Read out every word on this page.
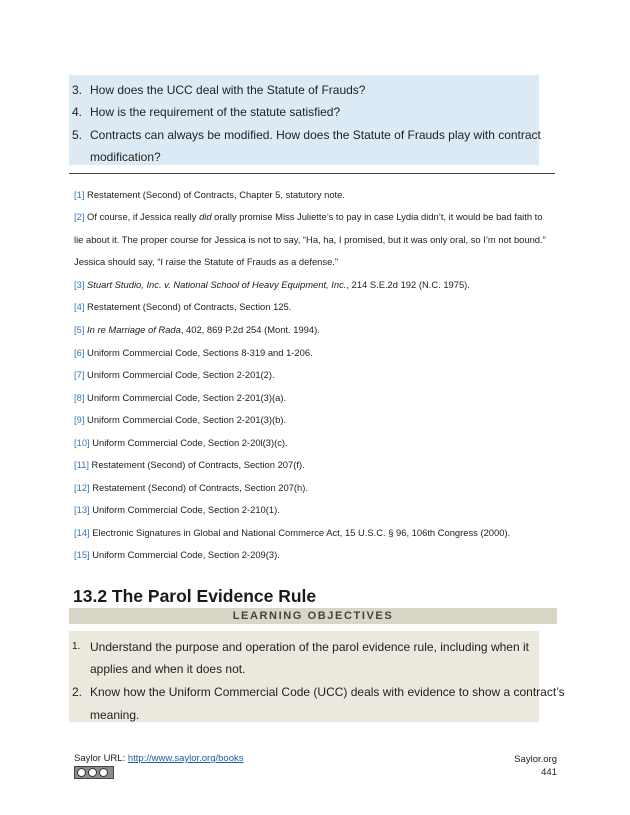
3. How does the UCC deal with the Statute of Frauds?
4. How is the requirement of the statute satisfied?
5. Contracts can always be modified. How does the Statute of Frauds play with contract
modification?
[1] Restatement (Second) of Contracts, Chapter 5, statutory note.
[2] Of course, if Jessica really did orally promise Miss Juliette’s to pay in case Lydia didn’t, it would be bad faith to
lie about it. The proper course for Jessica is not to say, “Ha, ha, I promised, but it was only oral, so I’m not bound.”
Jessica should say, “I raise the Statute of Frauds as a defense.”
[3] Stuart Studio, Inc. v. National School of Heavy Equipment, Inc., 214 S.E.2d 192 (N.C. 1975).
[4] Restatement (Second) of Contracts, Section 125.
[5] In re Marriage of Rada, 402, 869 P.2d 254 (Mont. 1994).
[6] Uniform Commercial Code, Sections 8-319 and 1-206.
[7] Uniform Commercial Code, Section 2-201(2).
[8] Uniform Commercial Code, Section 2-201(3)(a).
[9] Uniform Commercial Code, Section 2-201(3)(b).
[10] Uniform Commercial Code, Section 2-20l(3)(c).
[11] Restatement (Second) of Contracts, Section 207(f).
[12] Restatement (Second) of Contracts, Section 207(h).
[13] Uniform Commercial Code, Section 2-210(1).
[14] Electronic Signatures in Global and National Commerce Act, 15 U.S.C. § 96, 106th Congress (2000).
[15] Uniform Commercial Code, Section 2-209(3).
13.2 The Parol Evidence Rule
LEARNING OBJECTIVES
1. Understand the purpose and operation of the parol evidence rule, including when it
applies and when it does not.
2. Know how the Uniform Commercial Code (UCC) deals with evidence to show a contract’s
meaning.
Saylor URL: http://www.saylor.org/books	Saylor.org
441
